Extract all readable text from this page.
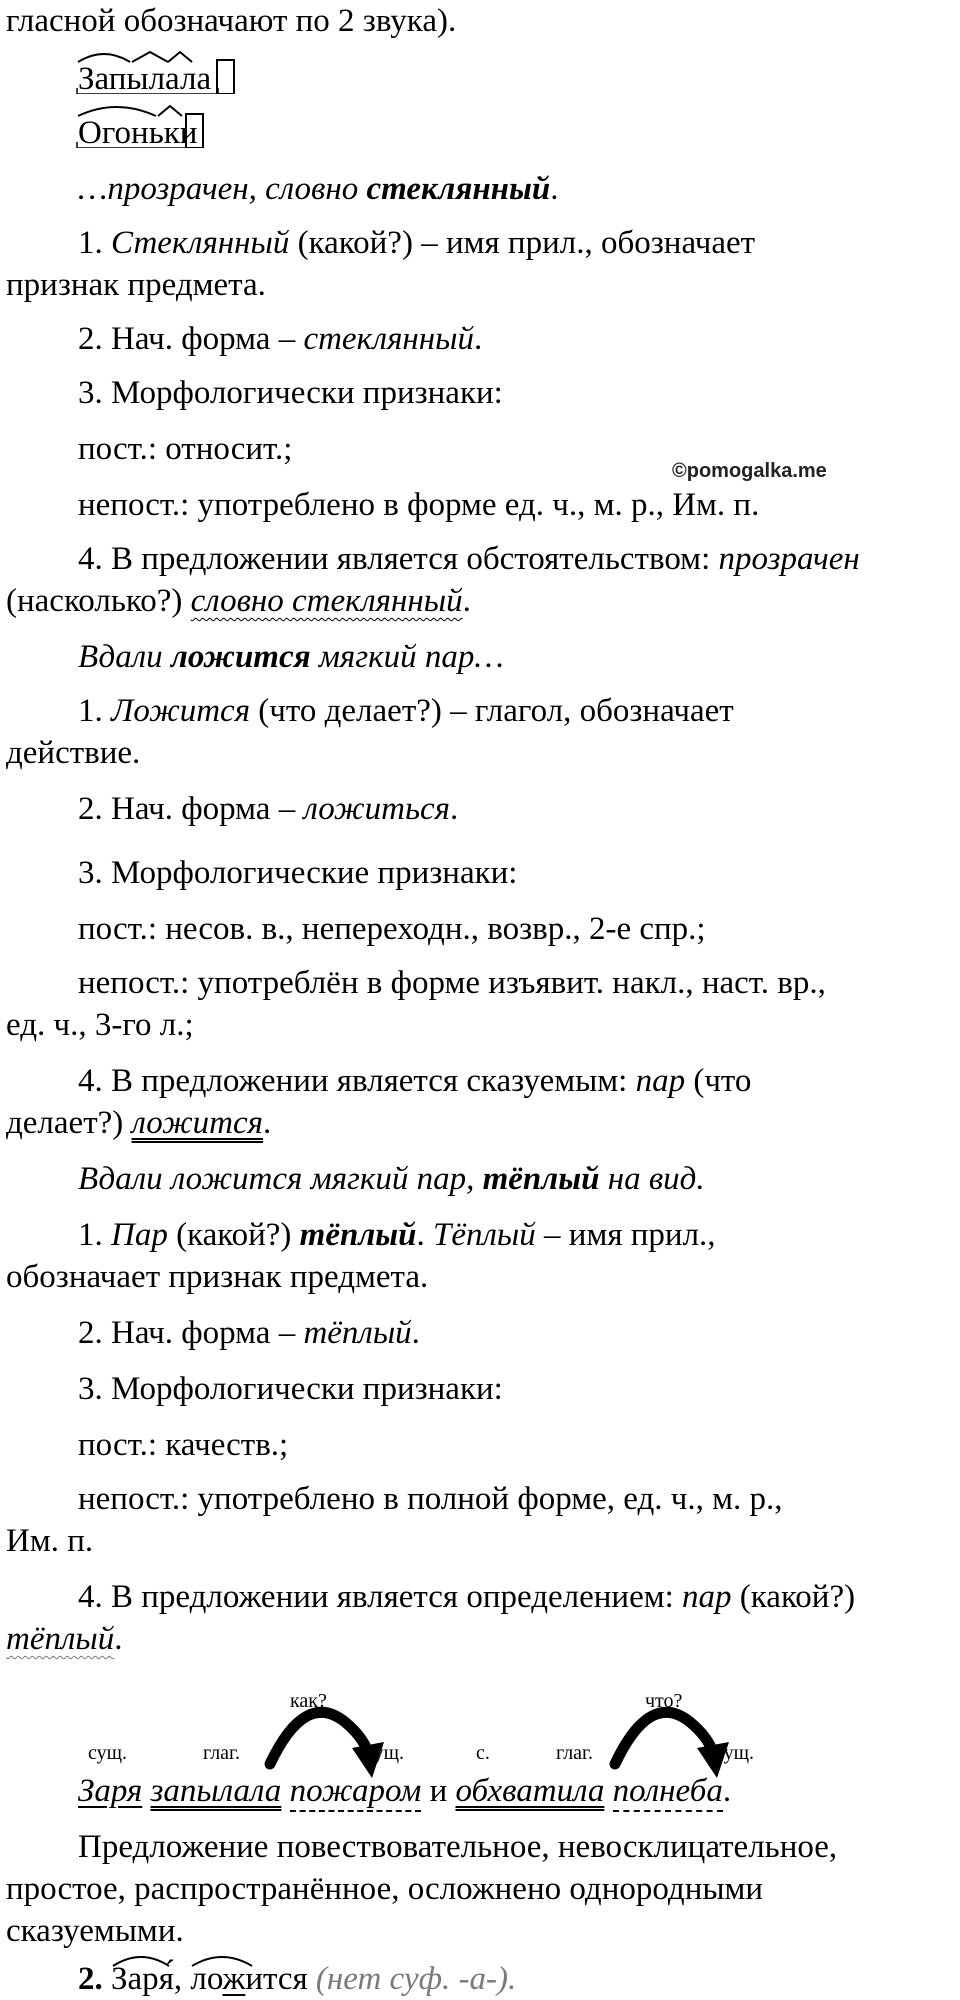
©pomogalka.me
гласной обозначают по 2 звука).
Запылала
Огоньки
…прозрачен, словно стеклянный.
1. Стеклянный (какой?) – имя прил., обозначает
признак предмета.
2. Нач. форма – стеклянный.
3. Морфологически признаки:
пост.: относит.;
непост.: употреблено в форме ед. ч., м. р., Им. п.
4. В предложении является обстоятельством: прозрачен
(насколько?) словно стеклянный.
Вдали ложится мягкий пар…
1. Ложится (что делает?) – глагол, обозначает
действие.
2. Нач. форма – ложиться.
3. Морфологические признаки:
пост.: несов. в., непереходн., возвр., 2-е спр.;
непост.: употреблён в форме изъявит. накл., наст. вр.,
ед. ч., 3-го л.;
4. В предложении является сказуемым: пар (что
делает?) ложится.
Вдали ложится мягкий пар, тёплый на вид.
1. Пар (какой?) тёплый. Тёплый – имя прил.,
обозначает признак предмета.
2. Нач. форма – тёплый.
3. Морфологически признаки:
пост.: качеств.;
непост.: употреблено в полной форме, ед. ч., м. р.,
Им. п.
4. В предложении является определением: пар (какой?)
тёплый.
как?	что?
сущ.	глаг.	сущ.	с.	глаг.	сущ.
Заря запылала пожаром и обхватила полнеба.
Предложение повествовательное, невосклицательное,
простое, распространённое, осложнено однородными
сказуемыми.
2. Заря́,
ложится (нет суф. -а-).
